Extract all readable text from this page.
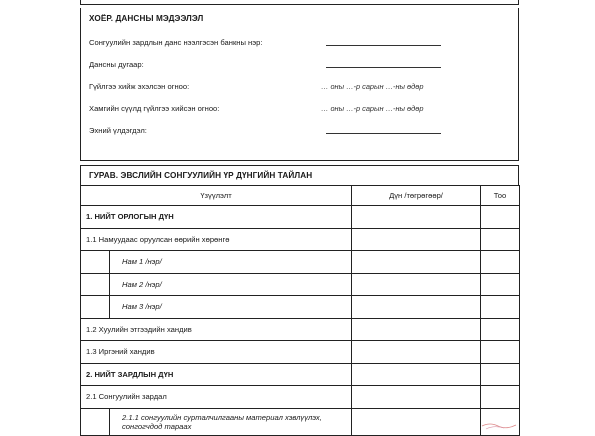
ХОЁР. ДАНСНЫ МЭДЭЭЛЭЛ
Сонгуулийн зардлын данс нээлгэсэн банкны нэр:
Дансны дугаар:
Гүйлгээ хийж эхэлсэн огноо:	… оны …-р сарын …-ны өдөр
Хамгийн сүүлд гүйлгээ хийсэн огноо:	… оны …-р сарын …-ны өдөр
Эхний үлдэгдэл:
ГУРАВ. ЭВСЛИЙН СОНГУУЛИЙН ҮР ДҮНГИЙН ТАЙЛАН
Үзүүлэлт		Дүн /төгрөгөөр/	Тоо
1. НИЙТ ОРЛОГЫН ДҮН			
1.1 Намуудаас оруулсан өөрийн хөрөнгө			
	Нам 1 /нэр/		
	Нам 2 /нэр/		
	Нам 3 /нэр/		
1.2 Хуулийн этгээдийн хандив			
1.3 Иргэний хандив			
2. НИЙТ ЗАРДЛЫН ДҮН			
2.1 Сонгуулийн зардал			

	2.1.1 сонгуулийн сурталчилгааны материал хэвлүүлэх, сонгогчдод тарааx		
